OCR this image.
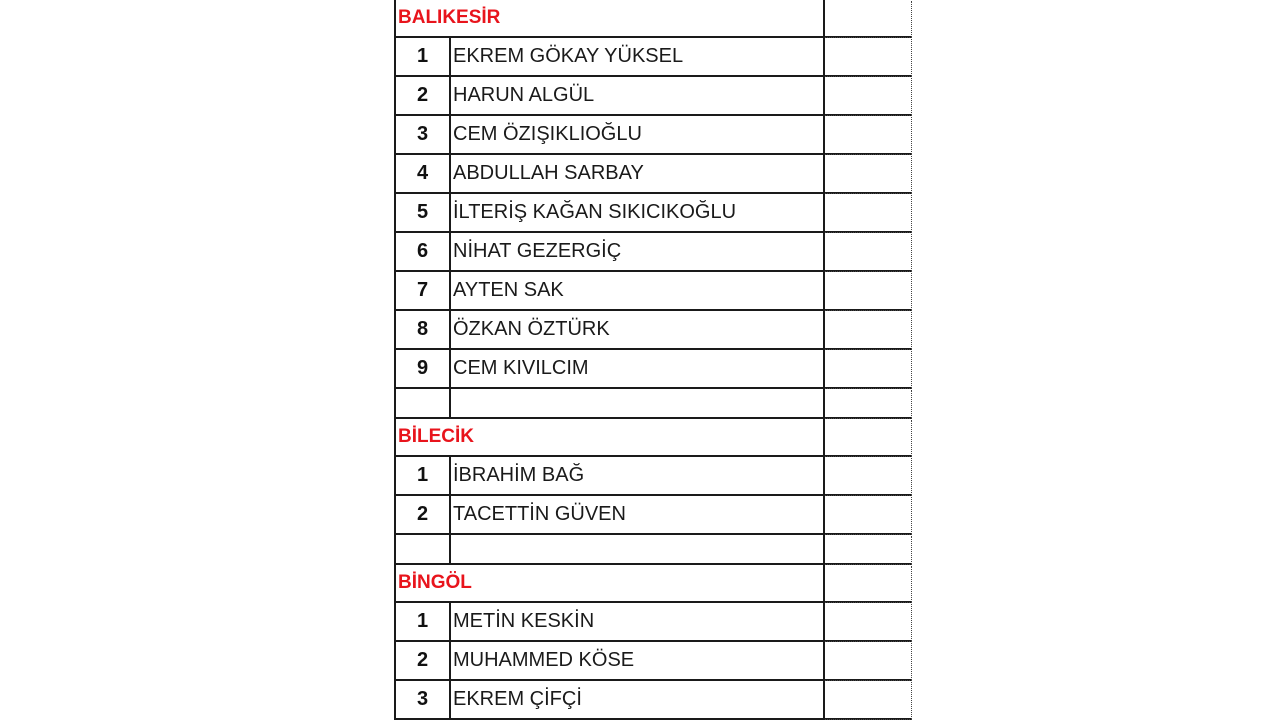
BALIKESİR
1	EKREM GÖKAY YÜKSEL
2	HARUN ALGÜL
3	CEM ÖZIŞIKLIOĞLU
4	ABDULLAH SARBAY
5	İLTERİŞ KAĞAN SIKICIKOĞLU
6	NİHAT GEZERGİÇ
7	AYTEN SAK
8	ÖZKAN ÖZTÜRK
9	CEM KIVILCIM
BİLECİK
1	İBRAHİM BAĞ
2	TACETTİN GÜVEN
BİNGÖL
1	METİN KESKİN
2	MUHAMMED KÖSE
3	EKREM ÇİFÇİ
